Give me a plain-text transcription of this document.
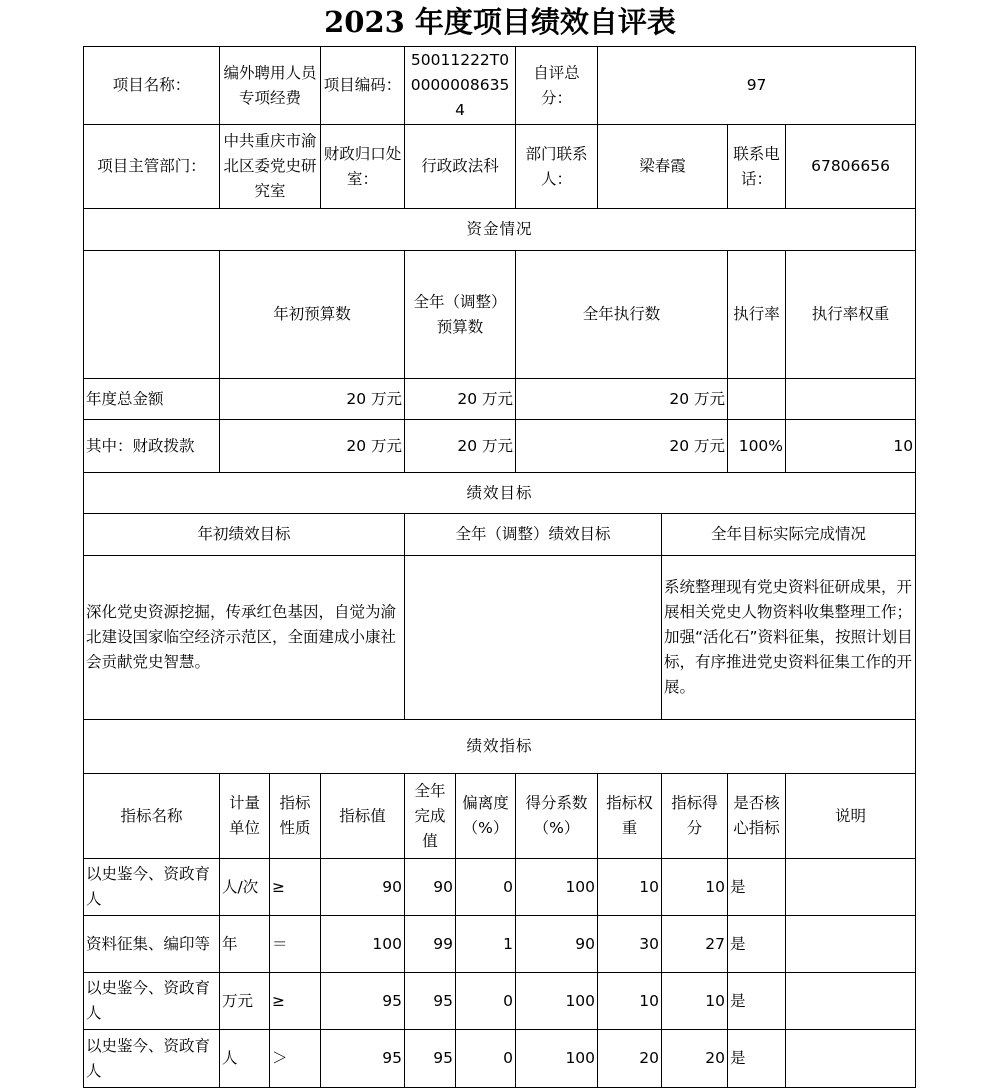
2023 年度项目绩效自评表
项目名称：	编外聘用人员专项经费		项目编码：	50011222T000000086354		自评总分：	97				
项目主管部门：	中共重庆市渝北区委党史研究室		财政归口处室：	行政政法科		部门联系人：	梁春霞		联系电话：	67806656	
资金情况											
	年初预算数			全年（调整）预算数		全年执行数			执行率	执行率权重	
年度总金额	20 万元			20 万元		20 万元					
其中：财政拨款	20 万元			20 万元		20 万元			100%	10	
绩效目标											
年初绩效目标				全年（调整）绩效目标				全年目标实际完成情况			
深化党史资源挖掘，传承红色基因，自觉为渝北建设国家临空经济示范区，全面建成小康社会贡献党史智慧。								系统整理现有党史资料征研成果，开展相关党史人物资料收集整理工作； 加强“活化石”资料征集，按照计划目标，有序推进党史资料征集工作的开展。			
绩效指标											
指标名称	计量单位	指标性质	指标值	全年完成值	偏离度（%）	得分系数（%）	指标权重	指标得分	是否核心指标	说明	
以史鉴今、资政育人	人/次	≥	90	90	0	100	10	10	是		
资料征集、编印等	年	＝	100	99	1	90	30	27	是		
以史鉴今、资政育人	万元	≥	95	95	0	100	10	10	是		
以史鉴今、资政育人	人	＞	95	95	0	100	20	20	是		
